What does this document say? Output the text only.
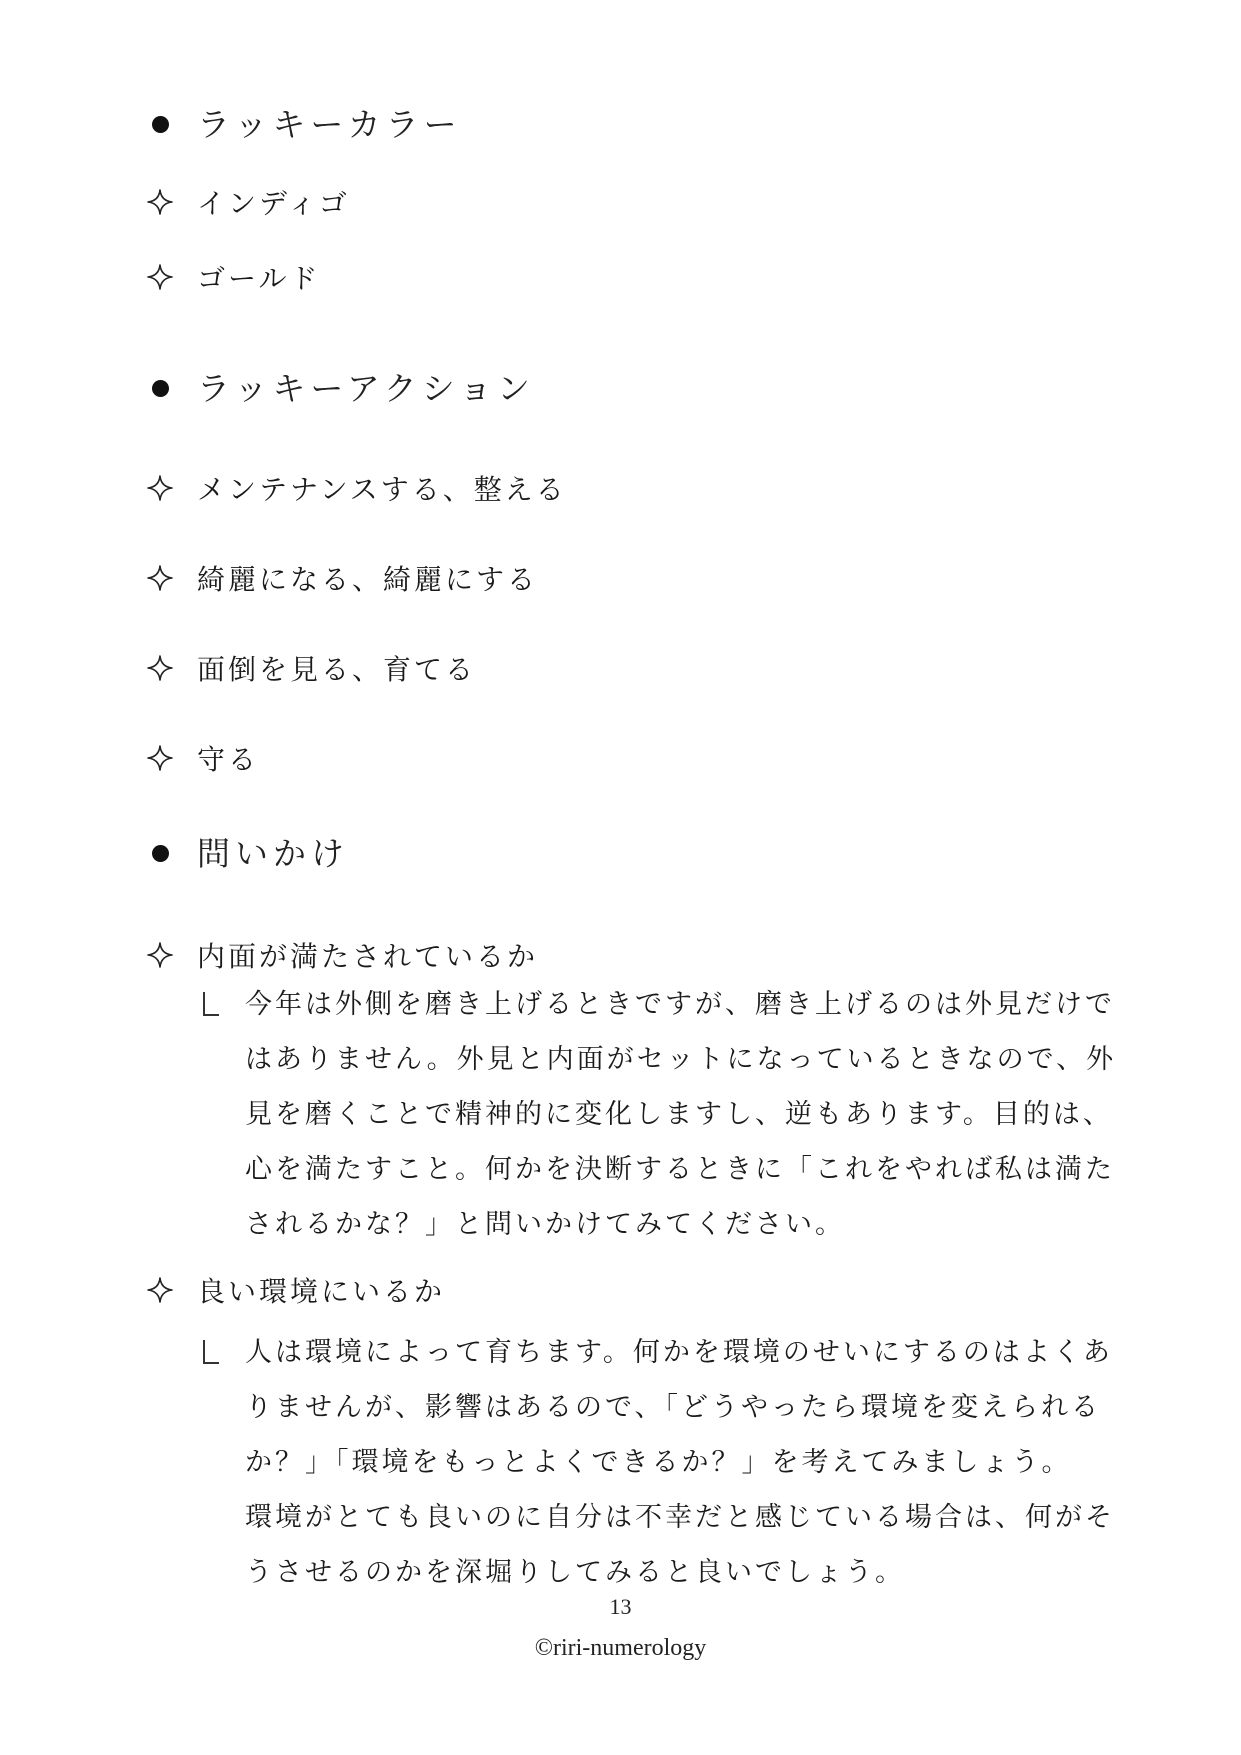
ラッキーカラー
インディゴ
ゴールド
ラッキーアクション
メンテナンスする、整える
綺麗になる、綺麗にする
面倒を見る、育てる
守る
問いかけ
内面が満たされているか
今年は外側を磨き上げるときですが、磨き上げるのは外見だけで
はありません。外見と内面がセットになっているときなので、外
見を磨くことで精神的に変化しますし、逆もあります。目的は、
心を満たすこと。何かを決断するときに「これをやれば私は満た
されるかな？」と問いかけてみてください。
良い環境にいるか
人は環境によって育ちます。何かを環境のせいにするのはよくあ
りませんが、影響はあるので、「どうやったら環境を変えられる
か？」「環境をもっとよくできるか？」を考えてみましょう。
環境がとても良いのに自分は不幸だと感じている場合は、何がそ
うさせるのかを深堀りしてみると良いでしょう。
13
©riri-numerology
